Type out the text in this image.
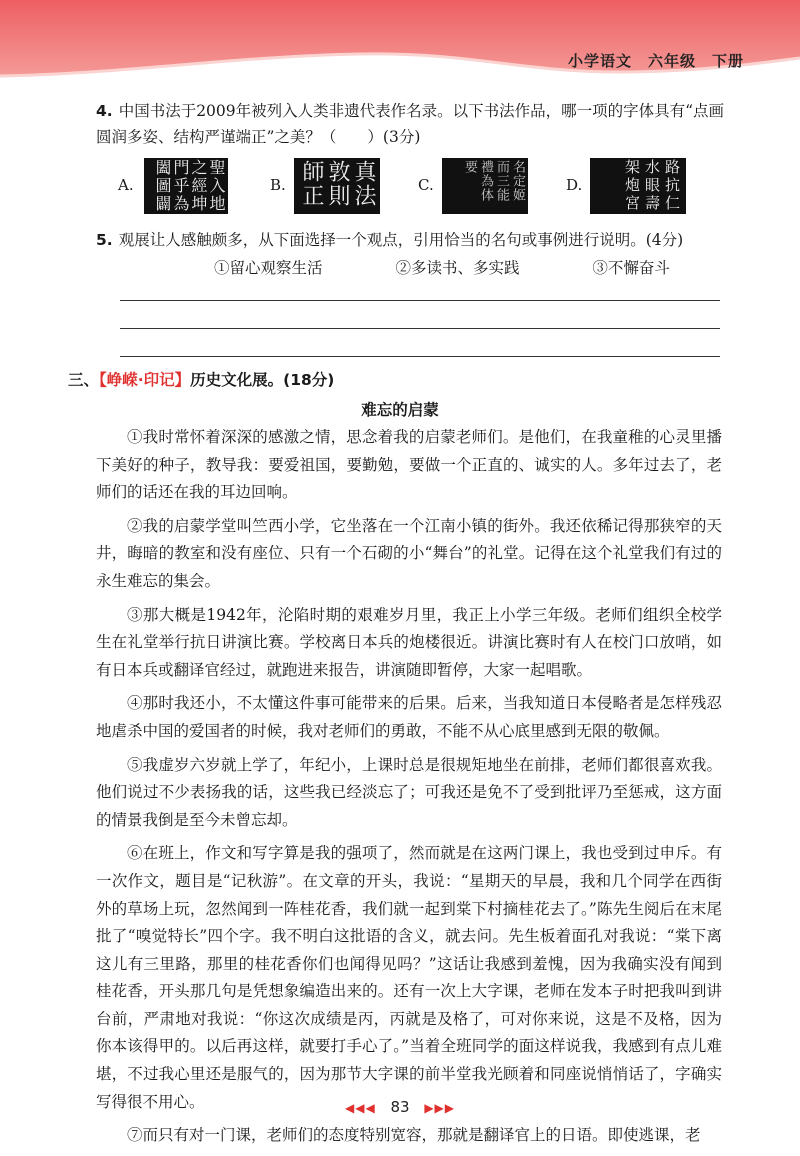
小学语文　六年级　下册
4. 中国书法于2009年被列入人类非遗代表作名录。以下书法作品，哪一项的字体具有“点画圆润多姿、结构严谨端正”之美？（　　）(3分)
A.	聖入地之經坤門乎為闔圖闢	B.	真法敦則師正	C.	名定姬而三能禮為体要
D.	路抗仁水眼壽架炮宮
5. 观展让人感触颇多，从下面选择一个观点，引用恰当的名句或事例进行说明。(4分)
①留心观察生活	②多读书、多实践	③不懈奋斗
三、【峥嵘·印记】历史文化展。(18分)
难忘的启蒙

①我时常怀着深深的感激之情，思念着我的启蒙老师们。是他们，在我童稚的心灵里播下美好的种子，教导我：要爱祖国，要勤勉，要做一个正直的、诚实的人。多年过去了，老师们的话还在我的耳边回响。

②我的启蒙学堂叫竺西小学，它坐落在一个江南小镇的街外。我还依稀记得那狭窄的天井，晦暗的教室和没有座位、只有一个石砌的小“舞台”的礼堂。记得在这个礼堂我们有过的永生难忘的集会。

③那大概是1942年，沦陷时期的艰难岁月里，我正上小学三年级。老师们组织全校学生在礼堂举行抗日讲演比赛。学校离日本兵的炮楼很近。讲演比赛时有人在校门口放哨，如有日本兵或翻译官经过，就跑进来报告，讲演随即暂停，大家一起唱歌。

④那时我还小，不太懂这件事可能带来的后果。后来，当我知道日本侵略者是怎样残忍地虐杀中国的爱国者的时候，我对老师们的勇敢，不能不从心底里感到无限的敬佩。

⑤我虚岁六岁就上学了，年纪小，上课时总是很规矩地坐在前排，老师们都很喜欢我。他们说过不少表扬我的话，这些我已经淡忘了；可我还是免不了受到批评乃至惩戒，这方面的情景我倒是至今未曾忘却。

⑥在班上，作文和写字算是我的强项了，然而就是在这两门课上，我也受到过申斥。有一次作文，题目是“记秋游”。在文章的开头，我说：“星期天的早晨，我和几个同学在西街外的草场上玩，忽然闻到一阵桂花香，我们就一起到棠下村摘桂花去了。”陈先生阅后在末尾批了“嗅觉特长”四个字。我不明白这批语的含义，就去问。先生板着面孔对我说：“棠下离这儿有三里路，那里的桂花香你们也闻得见吗？”这话让我感到羞愧，因为我确实没有闻到桂花香，开头那几句是凭想象编造出来的。还有一次上大字课，老师在发本子时把我叫到讲台前，严肃地对我说：“你这次成绩是丙，丙就是及格了，可对你来说，这是不及格，因为你本该得甲的。以后再这样，就要打手心了。”当着全班同学的面这样说我，我感到有点儿难堪，不过我心里还是服气的，因为那节大字课的前半堂我光顾着和同座说悄悄话了，字确实写得很不用心。

⑦而只有对一门课，老师们的态度特别宽容，那就是翻译官上的日语。即使逃课，老

◀◀◀ 83 ▶▶▶
